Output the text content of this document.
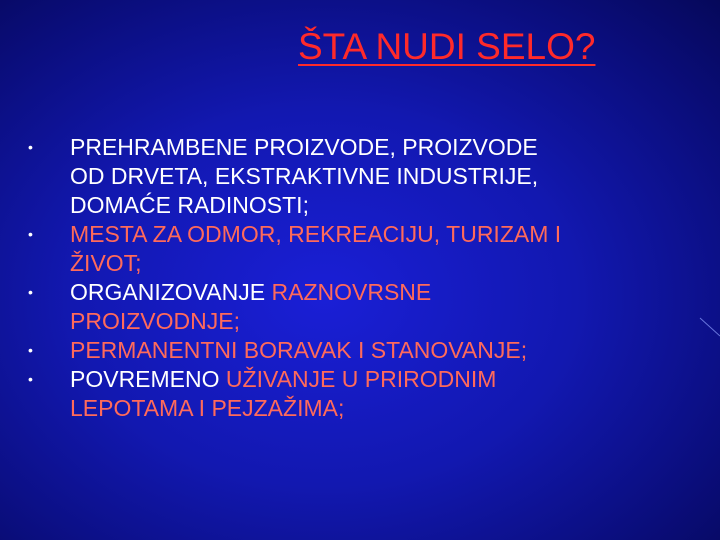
ŠTA NUDI SELO?
• PREHRAMBENE PROIZVODE, PROIZVODE
OD DRVETA, EKSTRAKTIVNE INDUSTRIJE,
DOMAĆE RADINOSTI;
• MESTA ZA ODMOR, REKREACIJU, TURIZAM I
ŽIVOT;
• ORGANIZOVANJE RAZNOVRSNE
PROIZVODNJE;
• PERMANENTNI BORAVAK I STANOVANJE;
• POVREMENO UŽIVANJE U PRIRODNIM
LEPOTAMA I PEJZAŽIMA;
